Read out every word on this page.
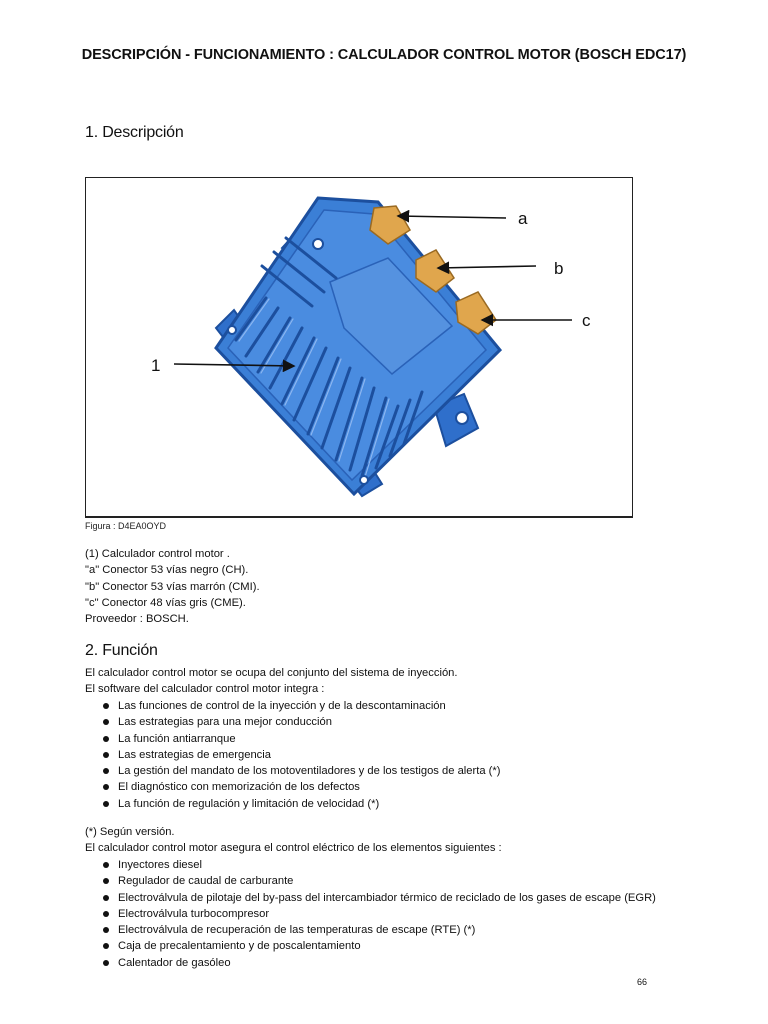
DESCRIPCIÓN - FUNCIONAMIENTO : CALCULADOR CONTROL MOTOR (BOSCH EDC17)
1. Descripción
a
b
c
1
Figura : D4EA0OYD
(1) Calculador control motor .
"a" Conector 53 vías negro (CH).
"b" Conector 53 vías marrón (CMI).
"c" Conector 48 vías gris (CME).
Proveedor : BOSCH.
2. Función
El calculador control motor se ocupa del conjunto del sistema de inyección.
El software del calculador control motor integra :
Las funciones de control de la inyección y de la descontaminación
Las estrategias para una mejor conducción
La función antiarranque
Las estrategias de emergencia
La gestión del mandato de los motoventiladores y de los testigos de alerta (*)
El diagnóstico con memorización de los defectos
La función de regulación y limitación de velocidad (*)
(*) Según versión.
El calculador control motor asegura el control eléctrico de los elementos siguientes :
Inyectores diesel
Regulador de caudal de carburante
Electroválvula de pilotaje del by-pass del intercambiador térmico de reciclado de los gases de escape (EGR)
Electroválvula turbocompresor
Electroválvula de recuperación de las temperaturas de escape (RTE) (*)
Caja de precalentamiento y de poscalentamiento
Calentador de gasóleo
66
